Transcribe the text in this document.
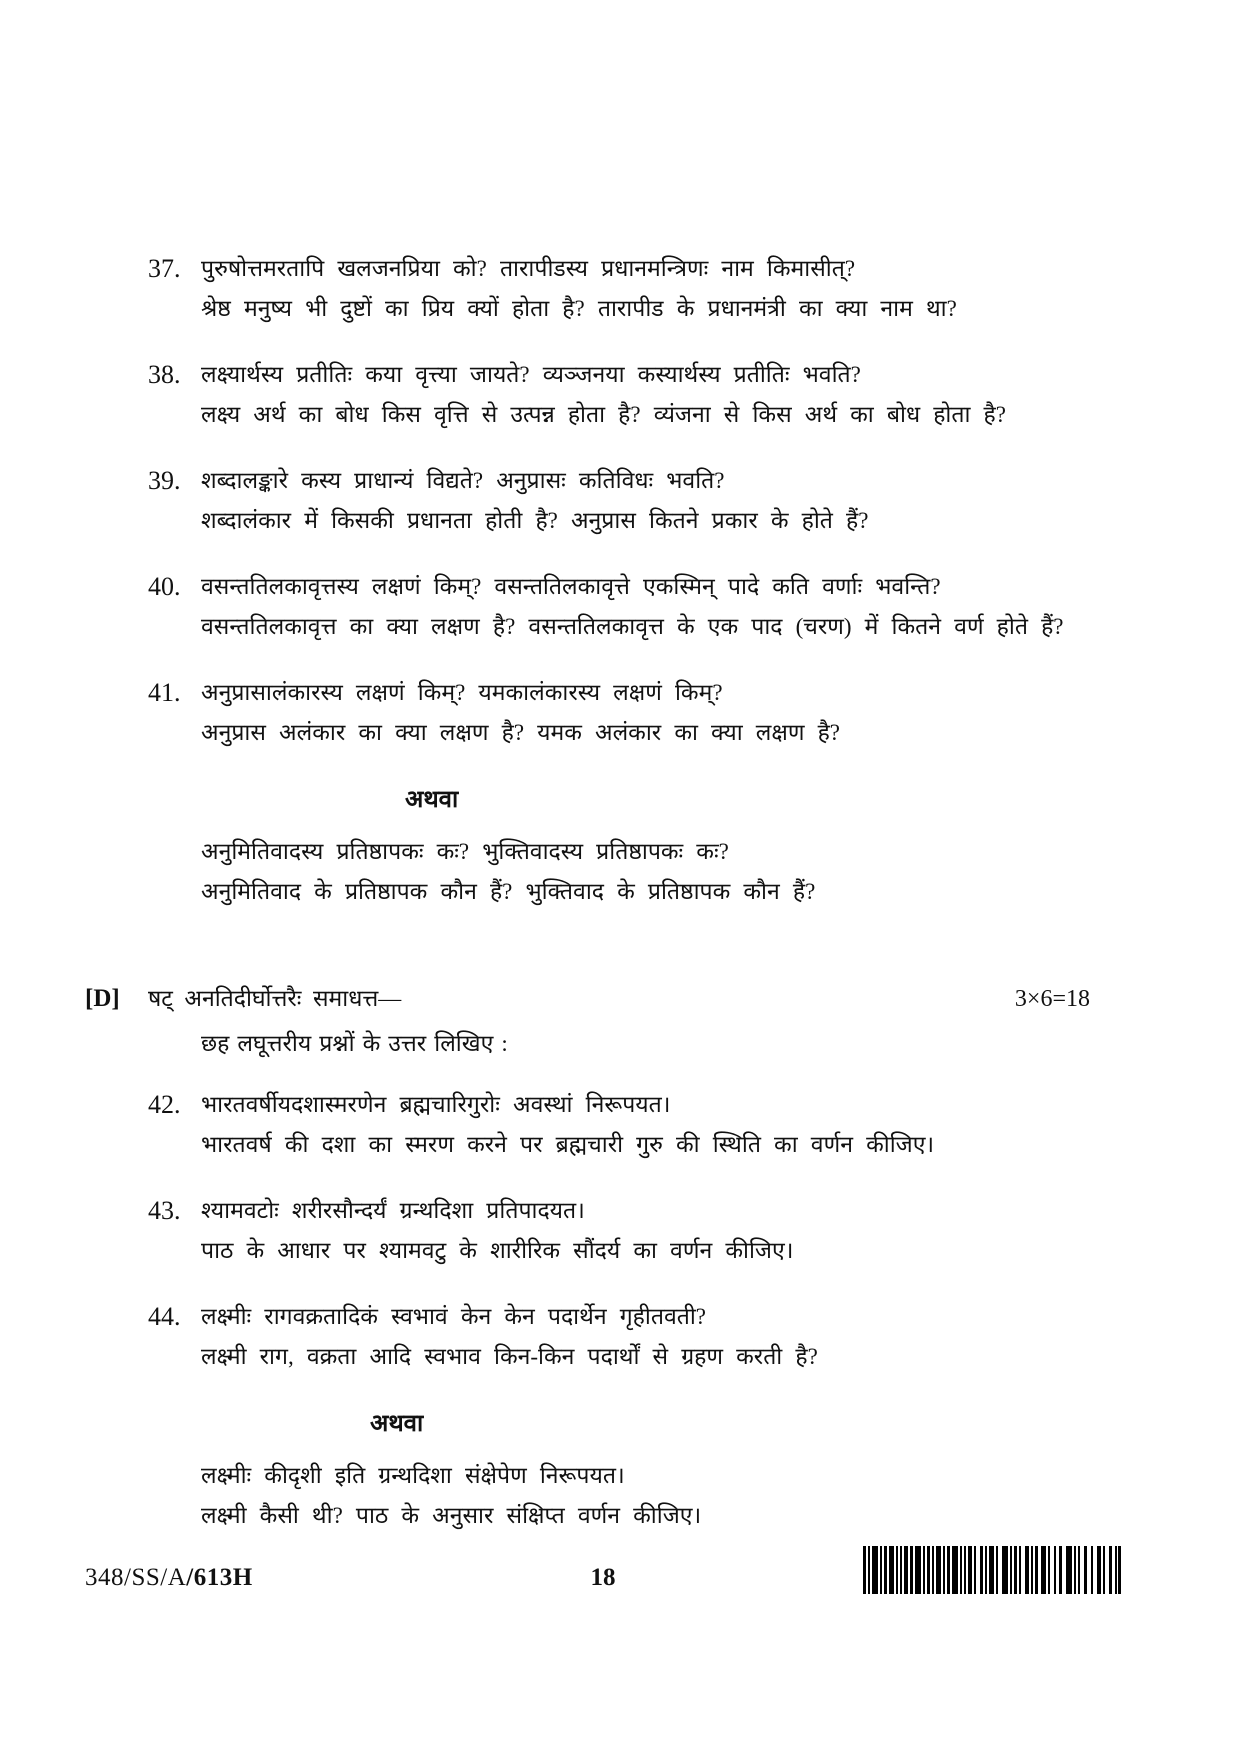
37. पुरुषोत्तमरतापि खलजनप्रिया को? तारापीडस्य प्रधानमन्त्रिणः नाम किमासीत्?
श्रेष्ठ मनुष्य भी दुष्टों का प्रिय क्यों होता है? तारापीड के प्रधानमंत्री का क्या नाम था?
38. लक्ष्यार्थस्य प्रतीतिः कया वृत्त्या जायते? व्यञ्जनया कस्यार्थस्य प्रतीतिः भवति?
लक्ष्य अर्थ का बोध किस वृत्ति से उत्पन्न होता है? व्यंजना से किस अर्थ का बोध होता है?
39. शब्दालङ्कारे कस्य प्राधान्यं विद्यते? अनुप्रासः कतिविधः भवति?
शब्दालंकार में किसकी प्रधानता होती है? अनुप्रास कितने प्रकार के होते हैं?
40. वसन्ततिलकावृत्तस्य लक्षणं किम्? वसन्ततिलकावृत्ते एकस्मिन् पादे कति वर्णाः भवन्ति?
वसन्ततिलकावृत्त का क्या लक्षण है? वसन्ततिलकावृत्त के एक पाद (चरण) में कितने वर्ण होते हैं?
41. अनुप्रासालंकारस्य लक्षणं किम्? यमकालंकारस्य लक्षणं किम्?
अनुप्रास अलंकार का क्या लक्षण है? यमक अलंकार का क्या लक्षण है?
अथवा
अनुमितिवादस्य प्रतिष्ठापकः कः? भुक्तिवादस्य प्रतिष्ठापकः कः?
अनुमितिवाद के प्रतिष्ठापक कौन हैं? भुक्तिवाद के प्रतिष्ठापक कौन हैं?
[D]	षट् अनतिदीर्घोत्तरैः समाधत्त—	3×6=18
छह लघूत्तरीय प्रश्नों के उत्तर लिखिए :
42. भारतवर्षीयदशास्मरणेन ब्रह्मचारिगुरोः अवस्थां निरूपयत।
भारतवर्ष की दशा का स्मरण करने पर ब्रह्मचारी गुरु की स्थिति का वर्णन कीजिए।
43. श्यामवटोः शरीरसौन्दर्यं ग्रन्थदिशा प्रतिपादयत।
पाठ के आधार पर श्यामवटु के शारीरिक सौंदर्य का वर्णन कीजिए।
44. लक्ष्मीः रागवक्रतादिकं स्वभावं केन केन पदार्थेन गृहीतवती?
लक्ष्मी राग, वक्रता आदि स्वभाव किन-किन पदार्थों से ग्रहण करती है?
अथवा
लक्ष्मीः कीदृशी इति ग्रन्थदिशा संक्षेपेण निरूपयत।
लक्ष्मी कैसी थी? पाठ के अनुसार संक्षिप्त वर्णन कीजिए।
348/SS/A/613H	18
